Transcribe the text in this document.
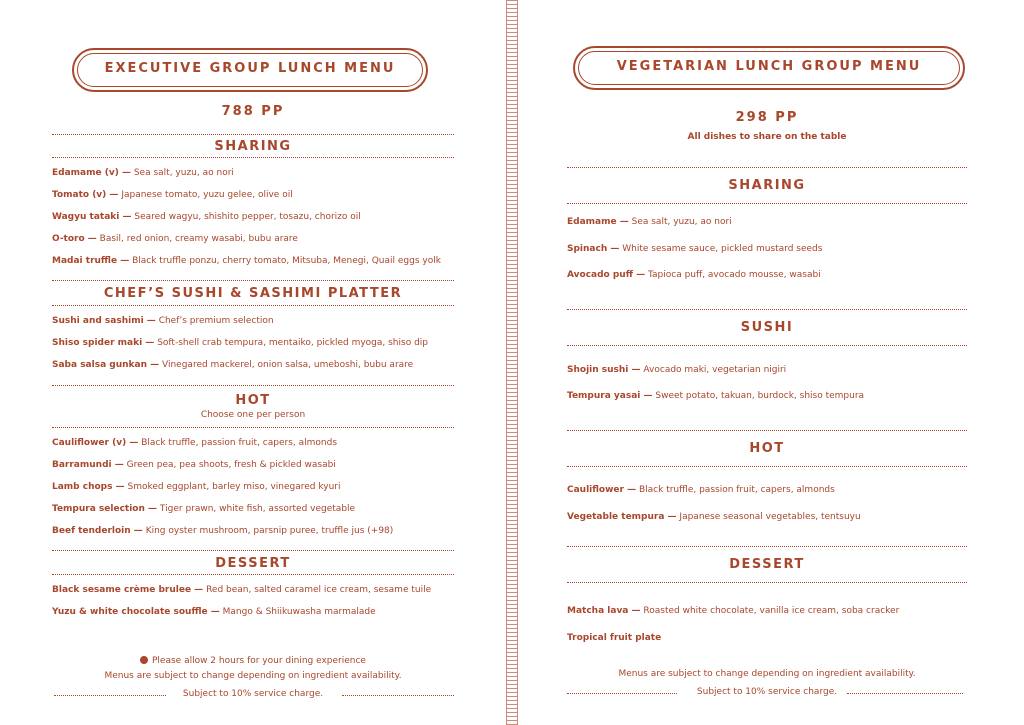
EXECUTIVE GROUP LUNCH MENU
788 PP
SHARING
Edamame (v) — Sea salt, yuzu, ao nori
Tomato (v) — Japanese tomato, yuzu gelee, olive oil
Wagyu tataki — Seared wagyu, shishito pepper, tosazu, chorizo oil
O-toro — Basil, red onion, creamy wasabi, bubu arare
Madai truffle — Black truffle ponzu, cherry tomato, Mitsuba, Menegi, Quail eggs yolk
CHEF’S SUSHI & SASHIMI PLATTER
Sushi and sashimi — Chef’s premium selection
Shiso spider maki — Soft-shell crab tempura, mentaiko, pickled myoga, shiso dip
Saba salsa gunkan — Vinegared mackerel, onion salsa, umeboshi, bubu arare
HOT
Choose one per person
Cauliflower (v) — Black truffle, passion fruit, capers, almonds
Barramundi — Green pea, pea shoots, fresh & pickled wasabi
Lamb chops — Smoked eggplant, barley miso, vinegared kyuri
Tempura selection — Tiger prawn, white fish, assorted vegetable
Beef tenderloin — King oyster mushroom, parsnip puree, truffle jus (+98)
DESSERT
Black sesame crème brulee — Red bean, salted caramel ice cream, sesame tuile
Yuzu & white chocolate souffle — Mango & Shiikuwasha marmalade
Please allow 2 hours for your dining experience
Menus are subject to change depending on ingredient availability.
Subject to 10% service charge.
VEGETARIAN LUNCH GROUP MENU
298 PP
All dishes to share on the table
SHARING
Edamame — Sea salt, yuzu, ao nori
Spinach — White sesame sauce, pickled mustard seeds
Avocado puff — Tapioca puff, avocado mousse, wasabi
SUSHI
Shojin sushi — Avocado maki, vegetarian nigiri
Tempura yasai — Sweet potato, takuan, burdock, shiso tempura
HOT
Cauliflower — Black truffle, passion fruit, capers, almonds
Vegetable tempura — Japanese seasonal vegetables, tentsuyu
DESSERT
Matcha lava — Roasted white chocolate, vanilla ice cream, soba cracker
Tropical fruit plate
Menus are subject to change depending on ingredient availability.
Subject to 10% service charge.
